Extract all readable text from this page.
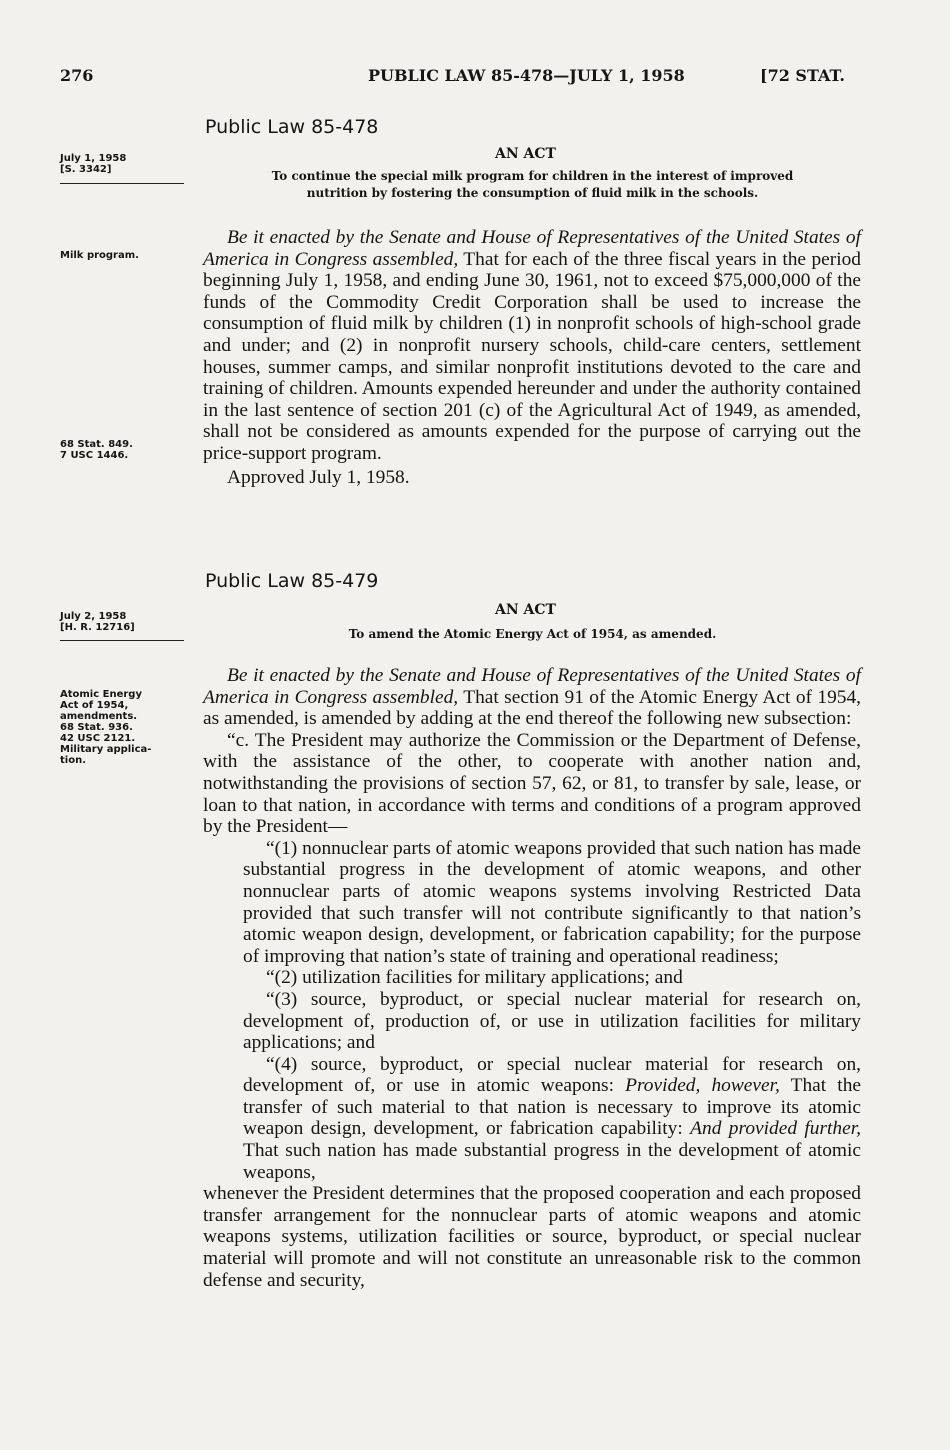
276	PUBLIC LAW 85-478—JULY 1, 1958	[72 STAT.
Public Law 85-478
July 1, 1958
[S. 3342]
AN ACT
To continue the special milk program for children in the interest of improved
nutrition by fostering the consumption of fluid milk in the schools.
Milk program.
68 Stat. 849.
7 USC 1446.

Be it enacted by the Senate and House of Representatives of the United States of America in Congress assembled, That for each of the three fiscal years in the period beginning July 1, 1958, and ending June 30, 1961, not to exceed $75,000,000 of the funds of the Commodity Credit Corporation shall be used to increase the consumption of fluid milk by children (1) in nonprofit schools of high-school grade and under; and (2) in nonprofit nursery schools, child-care centers, settlement houses, summer camps, and similar nonprofit institutions devoted to the care and training of children. Amounts expended hereunder and under the authority contained in the last sentence of section 201 (c) of the Agricultural Act of 1949, as amended, shall not be considered as amounts expended for the purpose of carrying out the price-support program.

Approved July 1, 1958.

Public Law 85-479
July 2, 1958
[H. R. 12716]
AN ACT
To amend the Atomic Energy Act of 1954, as amended.
Atomic Energy
Act of 1954,
amendments.
68 Stat. 936.
42 USC 2121.
Military applica-
tion.

Be it enacted by the Senate and House of Representatives of the United States of America in Congress assembled, That section 91 of the Atomic Energy Act of 1954, as amended, is amended by adding at the end thereof the following new subsection:

“c. The President may authorize the Commission or the Department of Defense, with the assistance of the other, to cooperate with another nation and, notwithstanding the provisions of section 57, 62, or 81, to transfer by sale, lease, or loan to that nation, in accordance with terms and conditions of a program approved by the President—

“(1) nonnuclear parts of atomic weapons provided that such nation has made substantial progress in the development of atomic weapons, and other nonnuclear parts of atomic weapons systems involving Restricted Data provided that such transfer will not contribute significantly to that nation’s atomic weapon design, development, or fabrication capability; for the purpose of improving that nation’s state of training and operational readiness;

“(2) utilization facilities for military applications; and

“(3) source, byproduct, or special nuclear material for research on, development of, production of, or use in utilization facilities for military applications; and

“(4) source, byproduct, or special nuclear material for research on, development of, or use in atomic weapons: Provided, however, That the transfer of such material to that nation is necessary to improve its atomic weapon design, development, or fabrication capability: And provided further, That such nation has made substantial progress in the development of atomic weapons,

whenever the President determines that the proposed cooperation and each proposed transfer arrangement for the nonnuclear parts of atomic weapons and atomic weapons systems, utilization facilities or source, byproduct, or special nuclear material will promote and will not constitute an unreasonable risk to the common defense and security,
